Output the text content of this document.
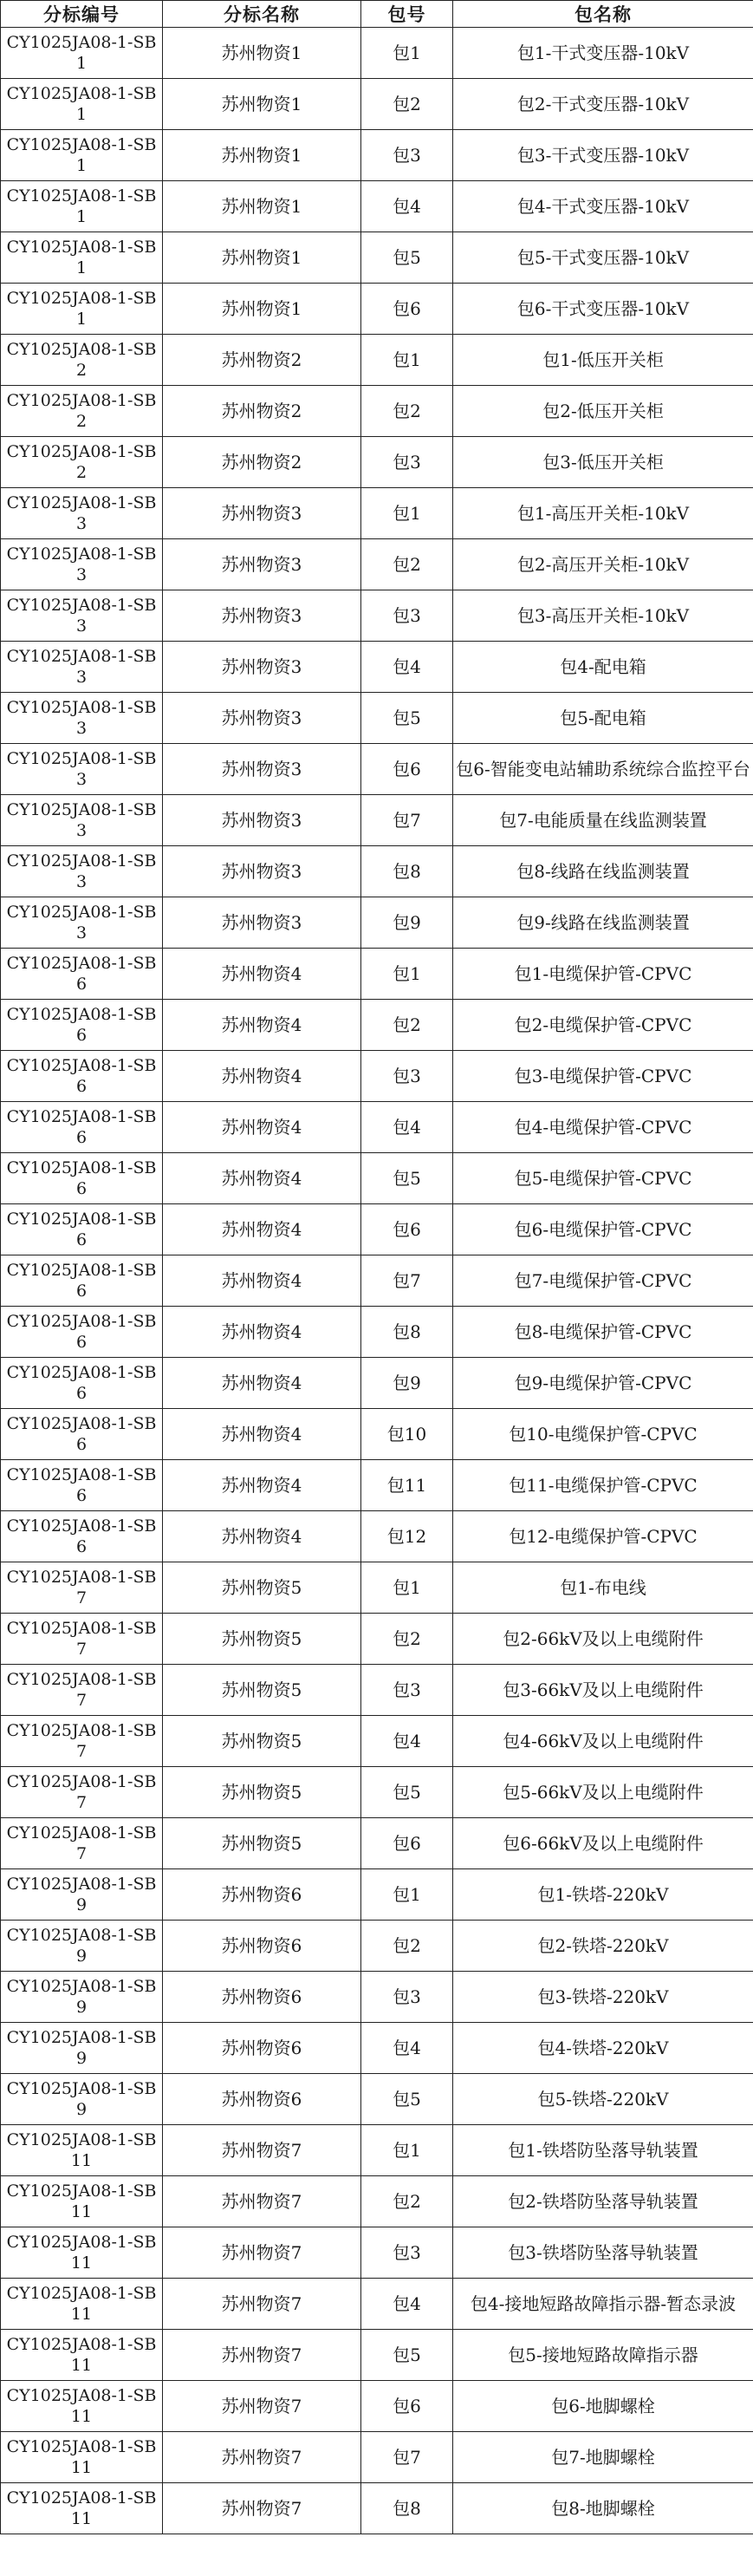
分标编号	分标名称	包号	包名称
CY1025JA08-1-SB1	苏州物资1	包1	包1-干式变压器-10kV
CY1025JA08-1-SB1	苏州物资1	包2	包2-干式变压器-10kV
CY1025JA08-1-SB1	苏州物资1	包3	包3-干式变压器-10kV
CY1025JA08-1-SB1	苏州物资1	包4	包4-干式变压器-10kV
CY1025JA08-1-SB1	苏州物资1	包5	包5-干式变压器-10kV
CY1025JA08-1-SB1	苏州物资1	包6	包6-干式变压器-10kV
CY1025JA08-1-SB2	苏州物资2	包1	包1-低压开关柜
CY1025JA08-1-SB2	苏州物资2	包2	包2-低压开关柜
CY1025JA08-1-SB2	苏州物资2	包3	包3-低压开关柜
CY1025JA08-1-SB3	苏州物资3	包1	包1-高压开关柜-10kV
CY1025JA08-1-SB3	苏州物资3	包2	包2-高压开关柜-10kV
CY1025JA08-1-SB3	苏州物资3	包3	包3-高压开关柜-10kV
CY1025JA08-1-SB3	苏州物资3	包4	包4-配电箱
CY1025JA08-1-SB3	苏州物资3	包5	包5-配电箱
CY1025JA08-1-SB3	苏州物资3	包6	包6-智能变电站辅助系统综合监控平台
CY1025JA08-1-SB3	苏州物资3	包7	包7-电能质量在线监测装置
CY1025JA08-1-SB3	苏州物资3	包8	包8-线路在线监测装置
CY1025JA08-1-SB3	苏州物资3	包9	包9-线路在线监测装置
CY1025JA08-1-SB6	苏州物资4	包1	包1-电缆保护管-CPVC
CY1025JA08-1-SB6	苏州物资4	包2	包2-电缆保护管-CPVC
CY1025JA08-1-SB6	苏州物资4	包3	包3-电缆保护管-CPVC
CY1025JA08-1-SB6	苏州物资4	包4	包4-电缆保护管-CPVC
CY1025JA08-1-SB6	苏州物资4	包5	包5-电缆保护管-CPVC
CY1025JA08-1-SB6	苏州物资4	包6	包6-电缆保护管-CPVC
CY1025JA08-1-SB6	苏州物资4	包7	包7-电缆保护管-CPVC
CY1025JA08-1-SB6	苏州物资4	包8	包8-电缆保护管-CPVC
CY1025JA08-1-SB6	苏州物资4	包9	包9-电缆保护管-CPVC
CY1025JA08-1-SB6	苏州物资4	包10	包10-电缆保护管-CPVC
CY1025JA08-1-SB6	苏州物资4	包11	包11-电缆保护管-CPVC
CY1025JA08-1-SB6	苏州物资4	包12	包12-电缆保护管-CPVC
CY1025JA08-1-SB7	苏州物资5	包1	包1-布电线
CY1025JA08-1-SB7	苏州物资5	包2	包2-66kV及以上电缆附件
CY1025JA08-1-SB7	苏州物资5	包3	包3-66kV及以上电缆附件
CY1025JA08-1-SB7	苏州物资5	包4	包4-66kV及以上电缆附件
CY1025JA08-1-SB7	苏州物资5	包5	包5-66kV及以上电缆附件
CY1025JA08-1-SB7	苏州物资5	包6	包6-66kV及以上电缆附件
CY1025JA08-1-SB9	苏州物资6	包1	包1-铁塔-220kV
CY1025JA08-1-SB9	苏州物资6	包2	包2-铁塔-220kV
CY1025JA08-1-SB9	苏州物资6	包3	包3-铁塔-220kV
CY1025JA08-1-SB9	苏州物资6	包4	包4-铁塔-220kV
CY1025JA08-1-SB9	苏州物资6	包5	包5-铁塔-220kV
CY1025JA08-1-SB11	苏州物资7	包1	包1-铁塔防坠落导轨装置
CY1025JA08-1-SB11	苏州物资7	包2	包2-铁塔防坠落导轨装置
CY1025JA08-1-SB11	苏州物资7	包3	包3-铁塔防坠落导轨装置
CY1025JA08-1-SB11	苏州物资7	包4	包4-接地短路故障指示器-暂态录波
CY1025JA08-1-SB11	苏州物资7	包5	包5-接地短路故障指示器
CY1025JA08-1-SB11	苏州物资7	包6	包6-地脚螺栓
CY1025JA08-1-SB11	苏州物资7	包7	包7-地脚螺栓
CY1025JA08-1-SB11	苏州物资7	包8	包8-地脚螺栓
